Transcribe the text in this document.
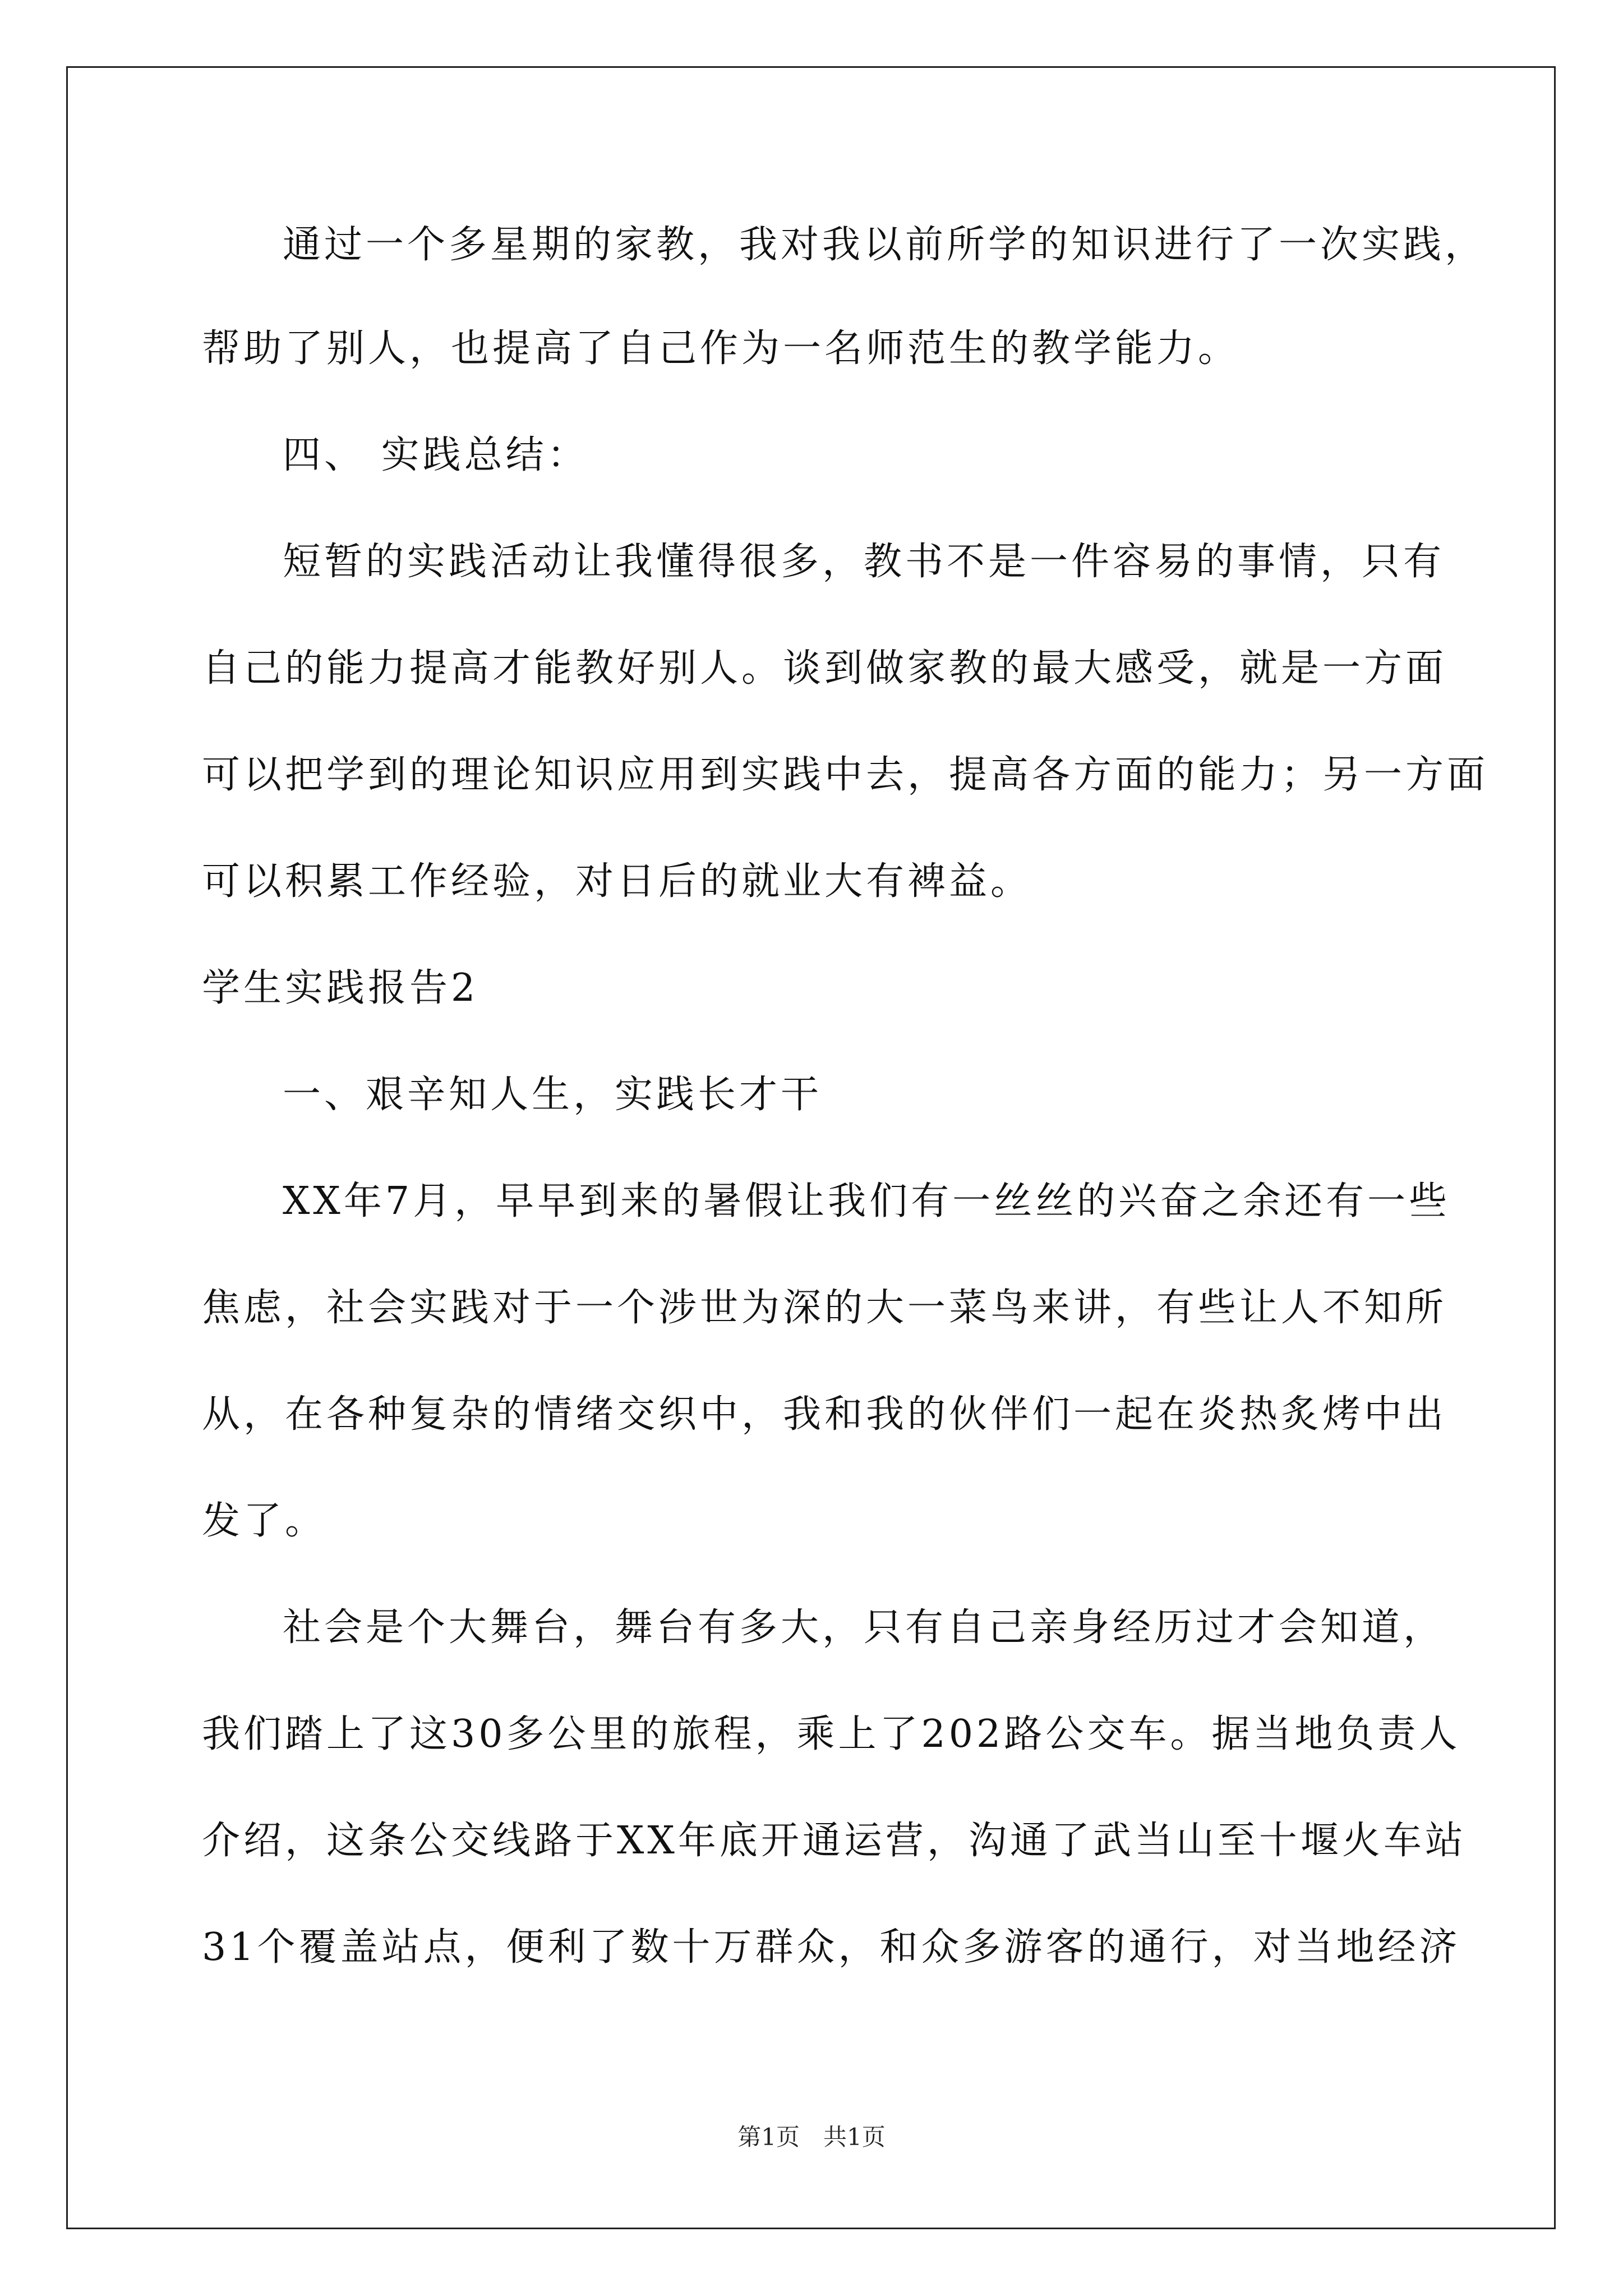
通过一个多星期的家教，我对我以前所学的知识进行了一次实践，
帮助了别人，也提高了自己作为一名师范生的教学能力。
四、 实践总结：
短暂的实践活动让我懂得很多，教书不是一件容易的事情，只有
自己的能力提高才能教好别人。谈到做家教的最大感受，就是一方面
可以把学到的理论知识应用到实践中去，提高各方面的能力；另一方面
可以积累工作经验，对日后的就业大有裨益。
学生实践报告2
一、艰辛知人生，实践长才干
XX年7月，早早到来的暑假让我们有一丝丝的兴奋之余还有一些
焦虑，社会实践对于一个涉世为深的大一菜鸟来讲，有些让人不知所
从，在各种复杂的情绪交织中，我和我的伙伴们一起在炎热炙烤中出
发了。
社会是个大舞台，舞台有多大，只有自己亲身经历过才会知道，
我们踏上了这30多公里的旅程，乘上了202路公交车。据当地负责人
介绍，这条公交线路于XX年底开通运营，沟通了武当山至十堰火车站
31个覆盖站点，便利了数十万群众，和众多游客的通行，对当地经济
第1页　共1页
